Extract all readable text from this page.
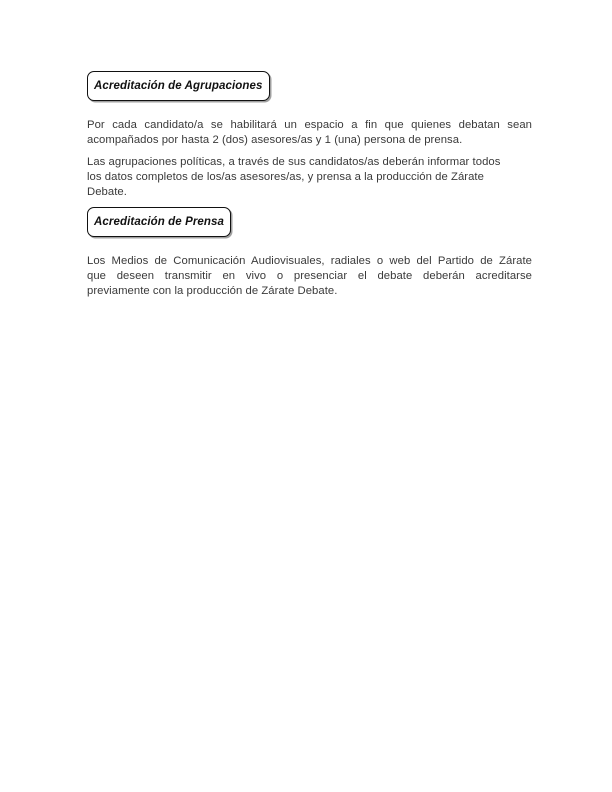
Acreditación de Agrupaciones
Por cada candidato/a se habilitará un espacio a fin que quienes debatan sean
acompañados por hasta 2 (dos) asesores/as y 1 (una) persona de prensa.
Las agrupaciones políticas, a través de sus candidatos/as deberán informar todos
los datos completos de los/as asesores/as, y prensa a la producción de Zárate
Debate.
Acreditación de Prensa
Los Medios de Comunicación Audiovisuales, radiales o web del Partido de Zárate
que deseen transmitir en vivo o presenciar el debate deberán acreditarse
previamente con la producción de Zárate Debate.
